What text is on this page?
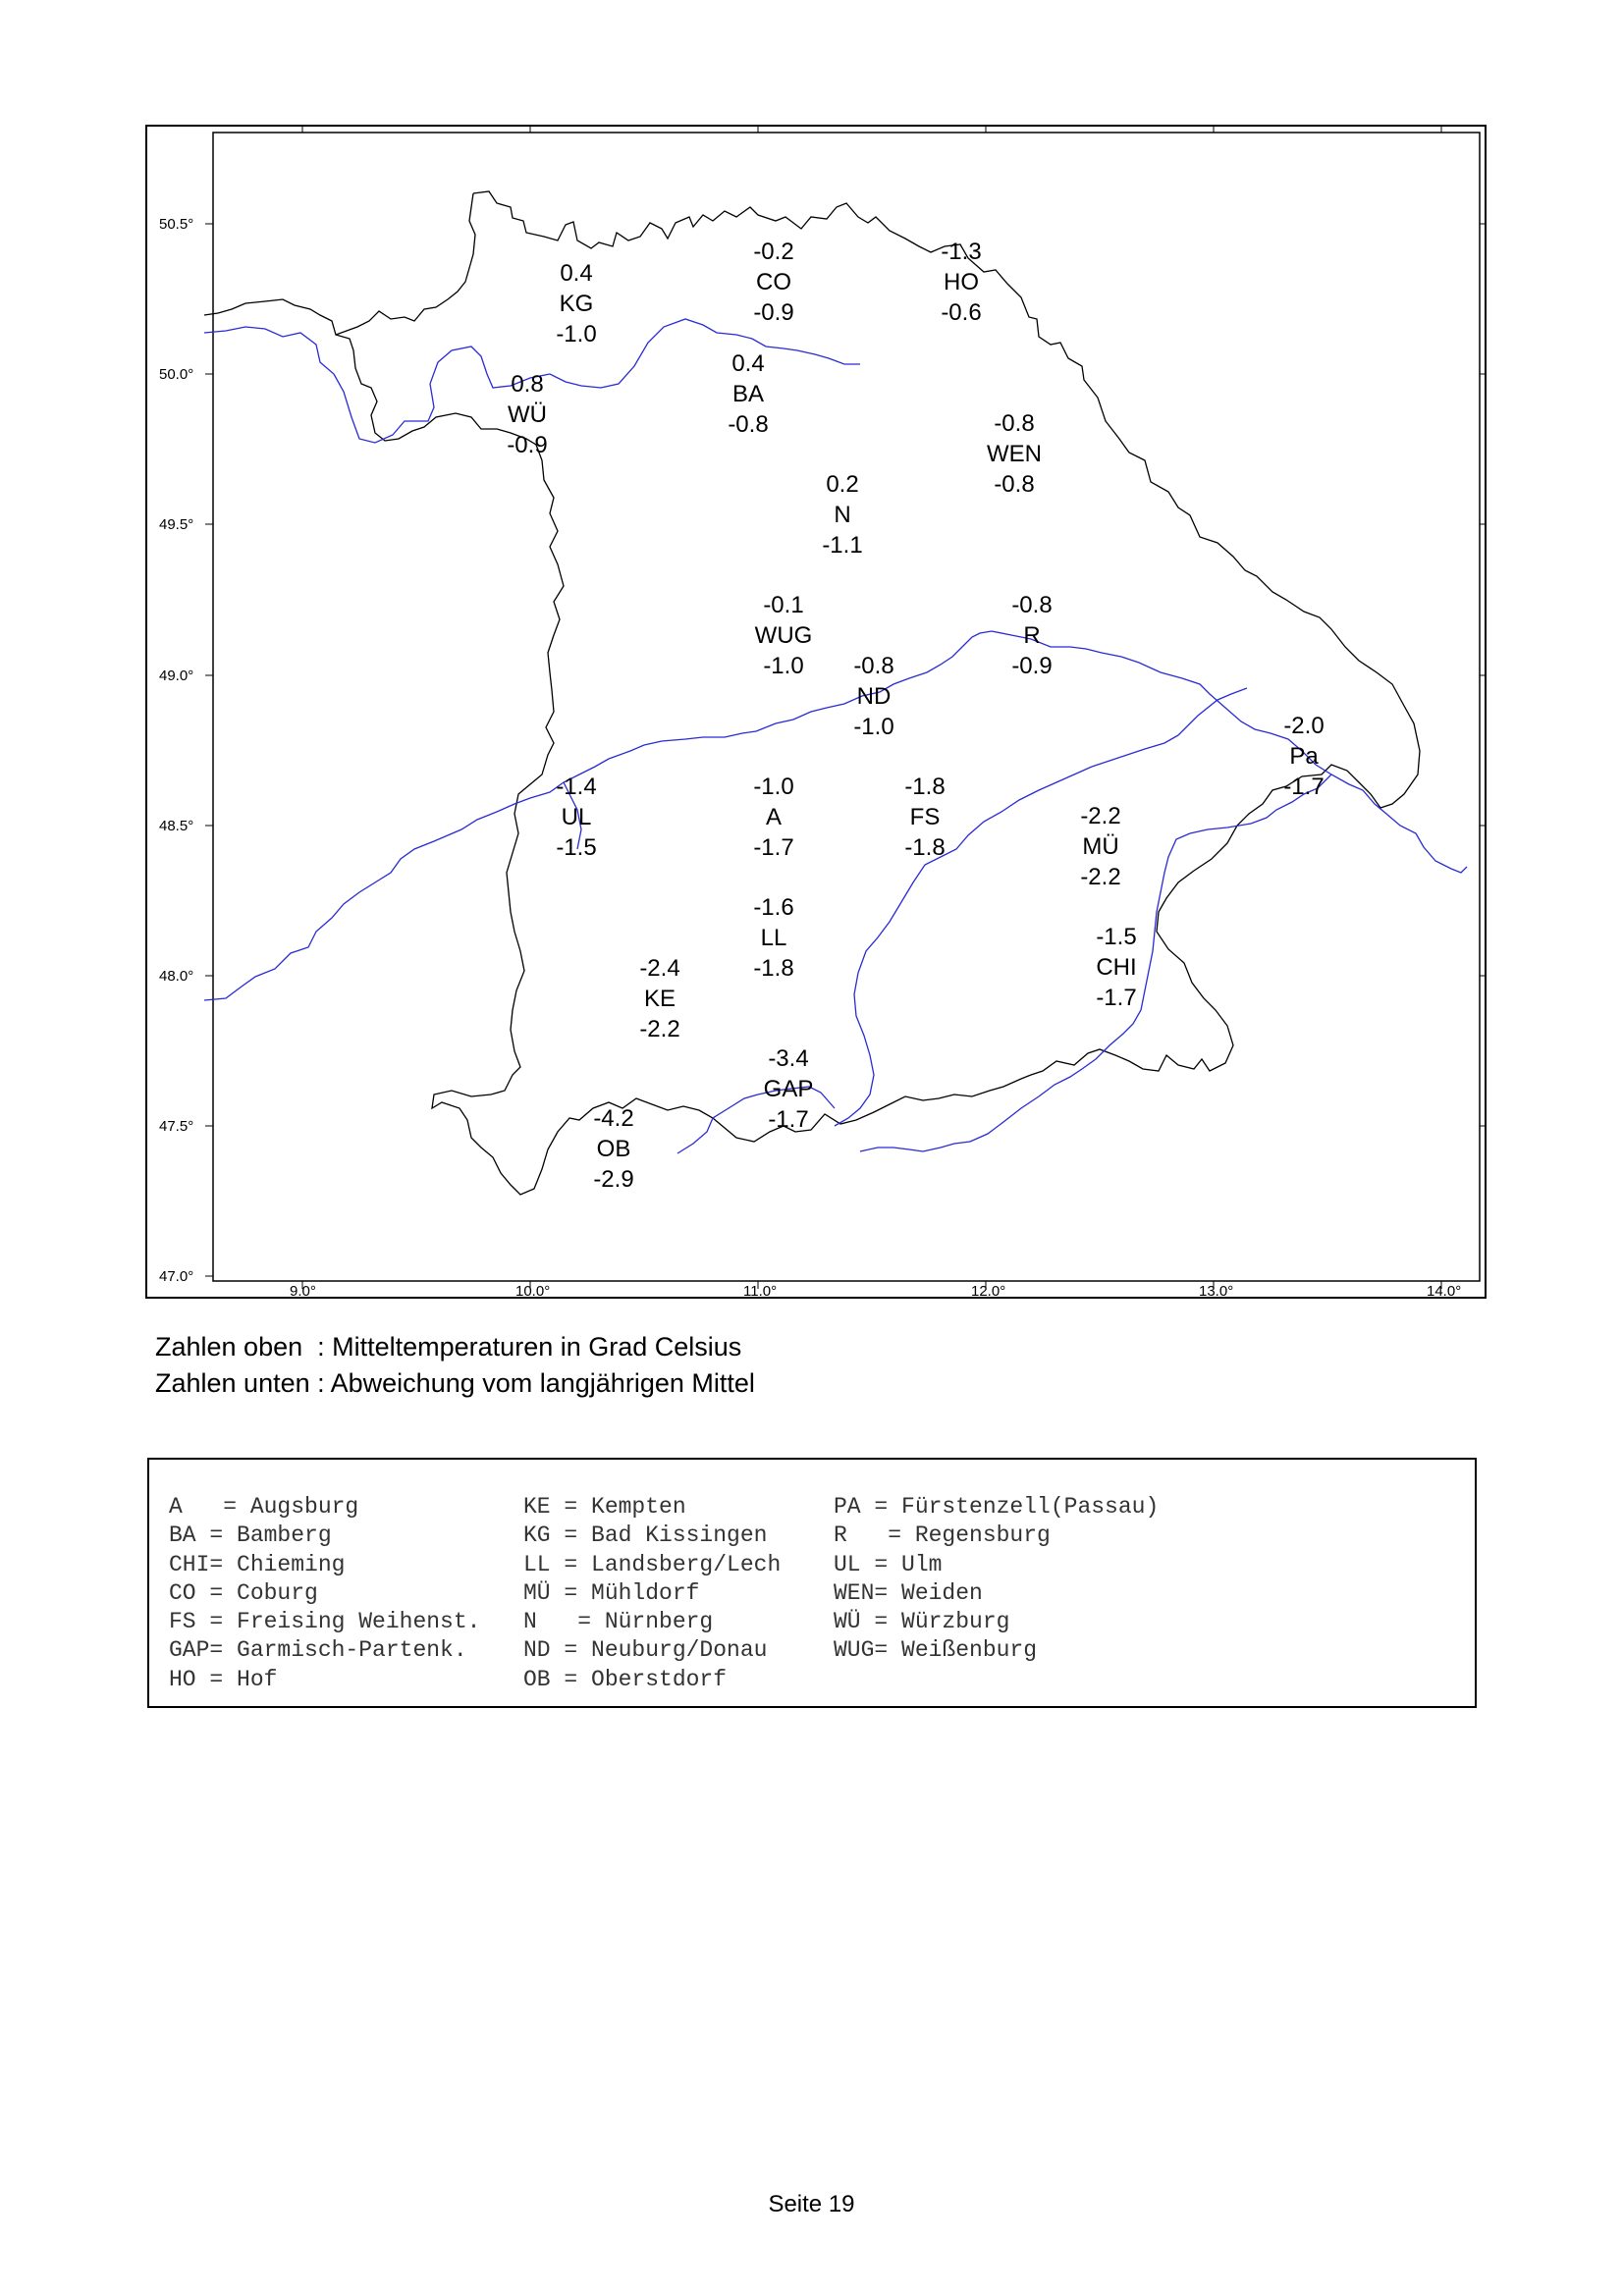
50.5°
50.0°
49.5°
49.0°
48.5°
48.0°
47.5°
47.0°
9.0°	10.0°	11.0°	12.0°	13.0°	14.0°
0.4
KG
-1.0
-0.2
CO
-0.9
-1.3
HO
-0.6
0.8
WÜ
-0.9
0.4
BA
-0.8	-0.8
WEN
-0.8
0.2
N
-1.1
-0.1
WUG
-1.0
-0.8
R
-0.9
-0.8
ND
-1.0	-2.0
Pa
-1.7
-1.4
UL
-1.5
-1.0
A
-1.7
-1.8
FS
-1.8
-2.2
MÜ
-2.2
-1.6
LL
-1.8
-1.5
CHI
-1.7
-2.4
KE
-2.2
-3.4
GAP
-1.7
-4.2
OB
-2.9
Zahlen oben  : Mitteltemperaturen in Grad Celsius
Zahlen unten : Abweichung vom langjährigen Mittel
A   = Augsburg
BA = Bamberg
CHI= Chieming
CO = Coburg
FS = Freising Weihenst.
GAP= Garmisch-Partenk.
HO = Hof
KE = Kempten
KG = Bad Kissingen
LL = Landsberg/Lech
MÜ = Mühldorf
N   = Nürnberg
ND = Neuburg/Donau
OB = Oberstdorf
PA = Fürstenzell(Passau)
R   = Regensburg
UL = Ulm
WEN= Weiden
WÜ = Würzburg
WUG= Weißenburg
Seite 19
